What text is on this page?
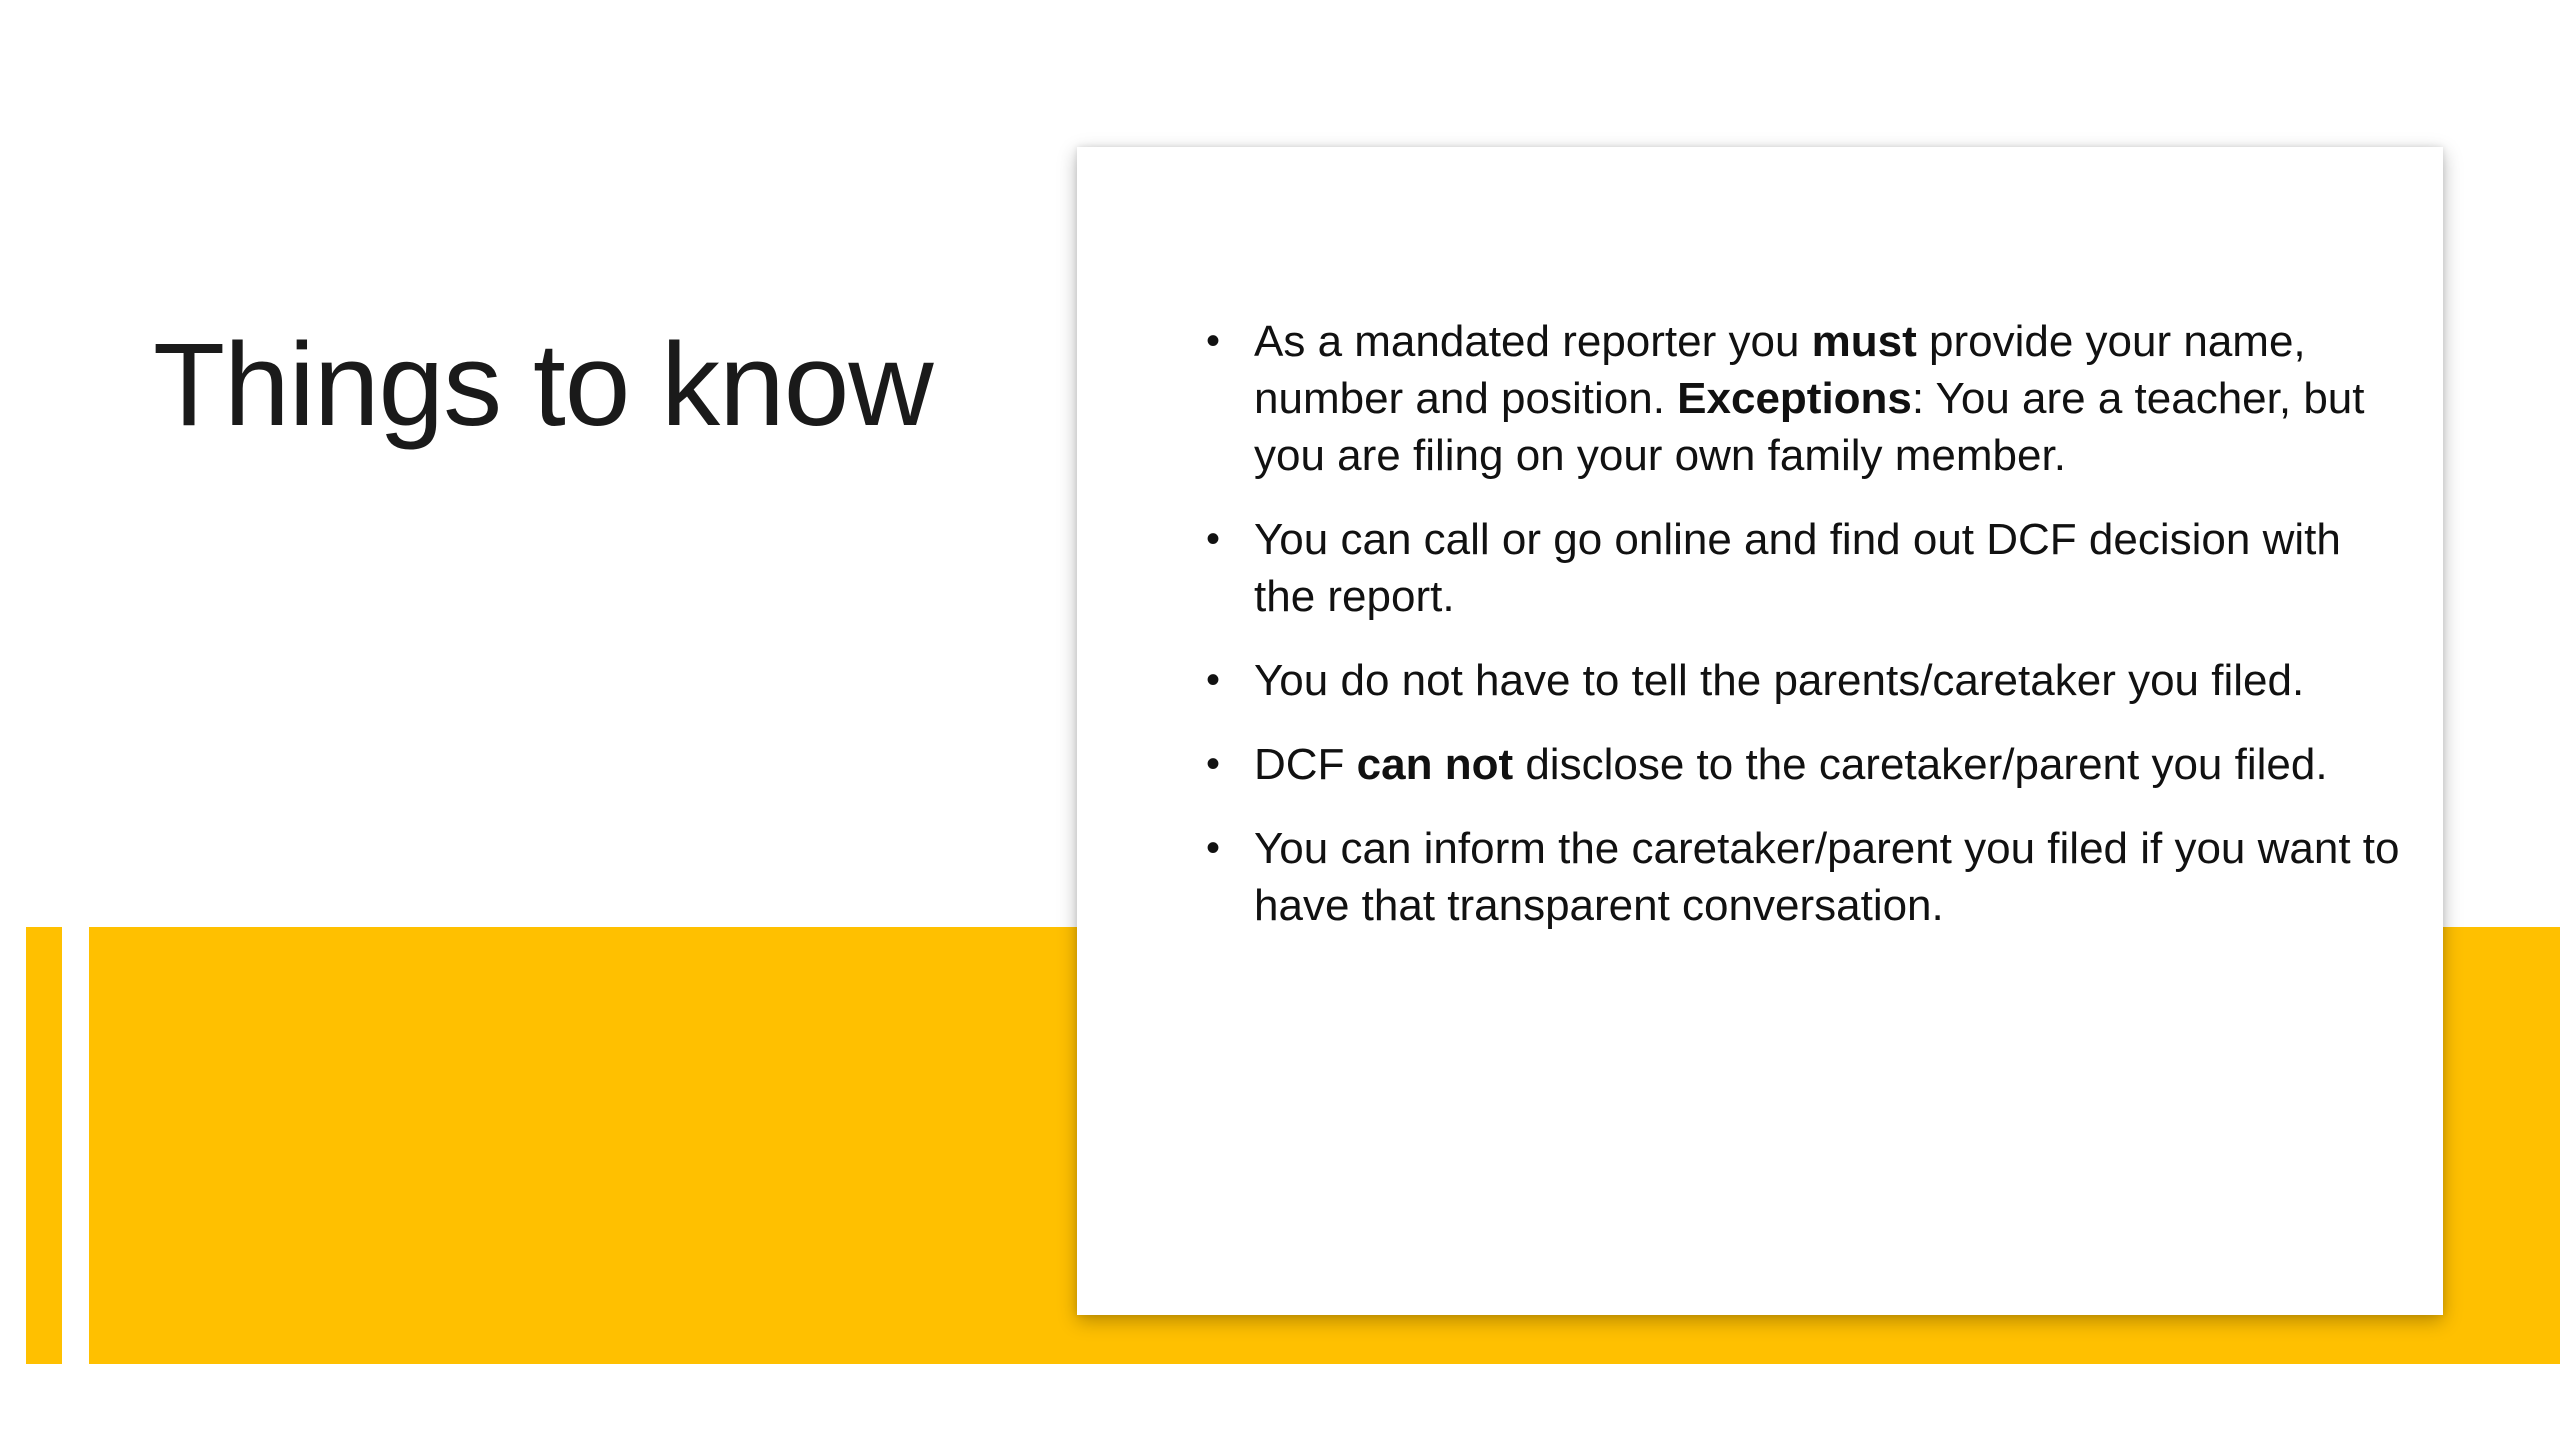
Things to know	• As a mandated reporter you must provide your name, number and position. Exceptions: You are a teacher, but you are filing on your own family member.
• You can call or go online and find out DCF decision with the report.
• You do not have to tell the parents/caretaker you filed.
• DCF can not disclose to the caretaker/parent you filed.
• You can inform the caretaker/parent you filed if you want to have that transparent conversation.
